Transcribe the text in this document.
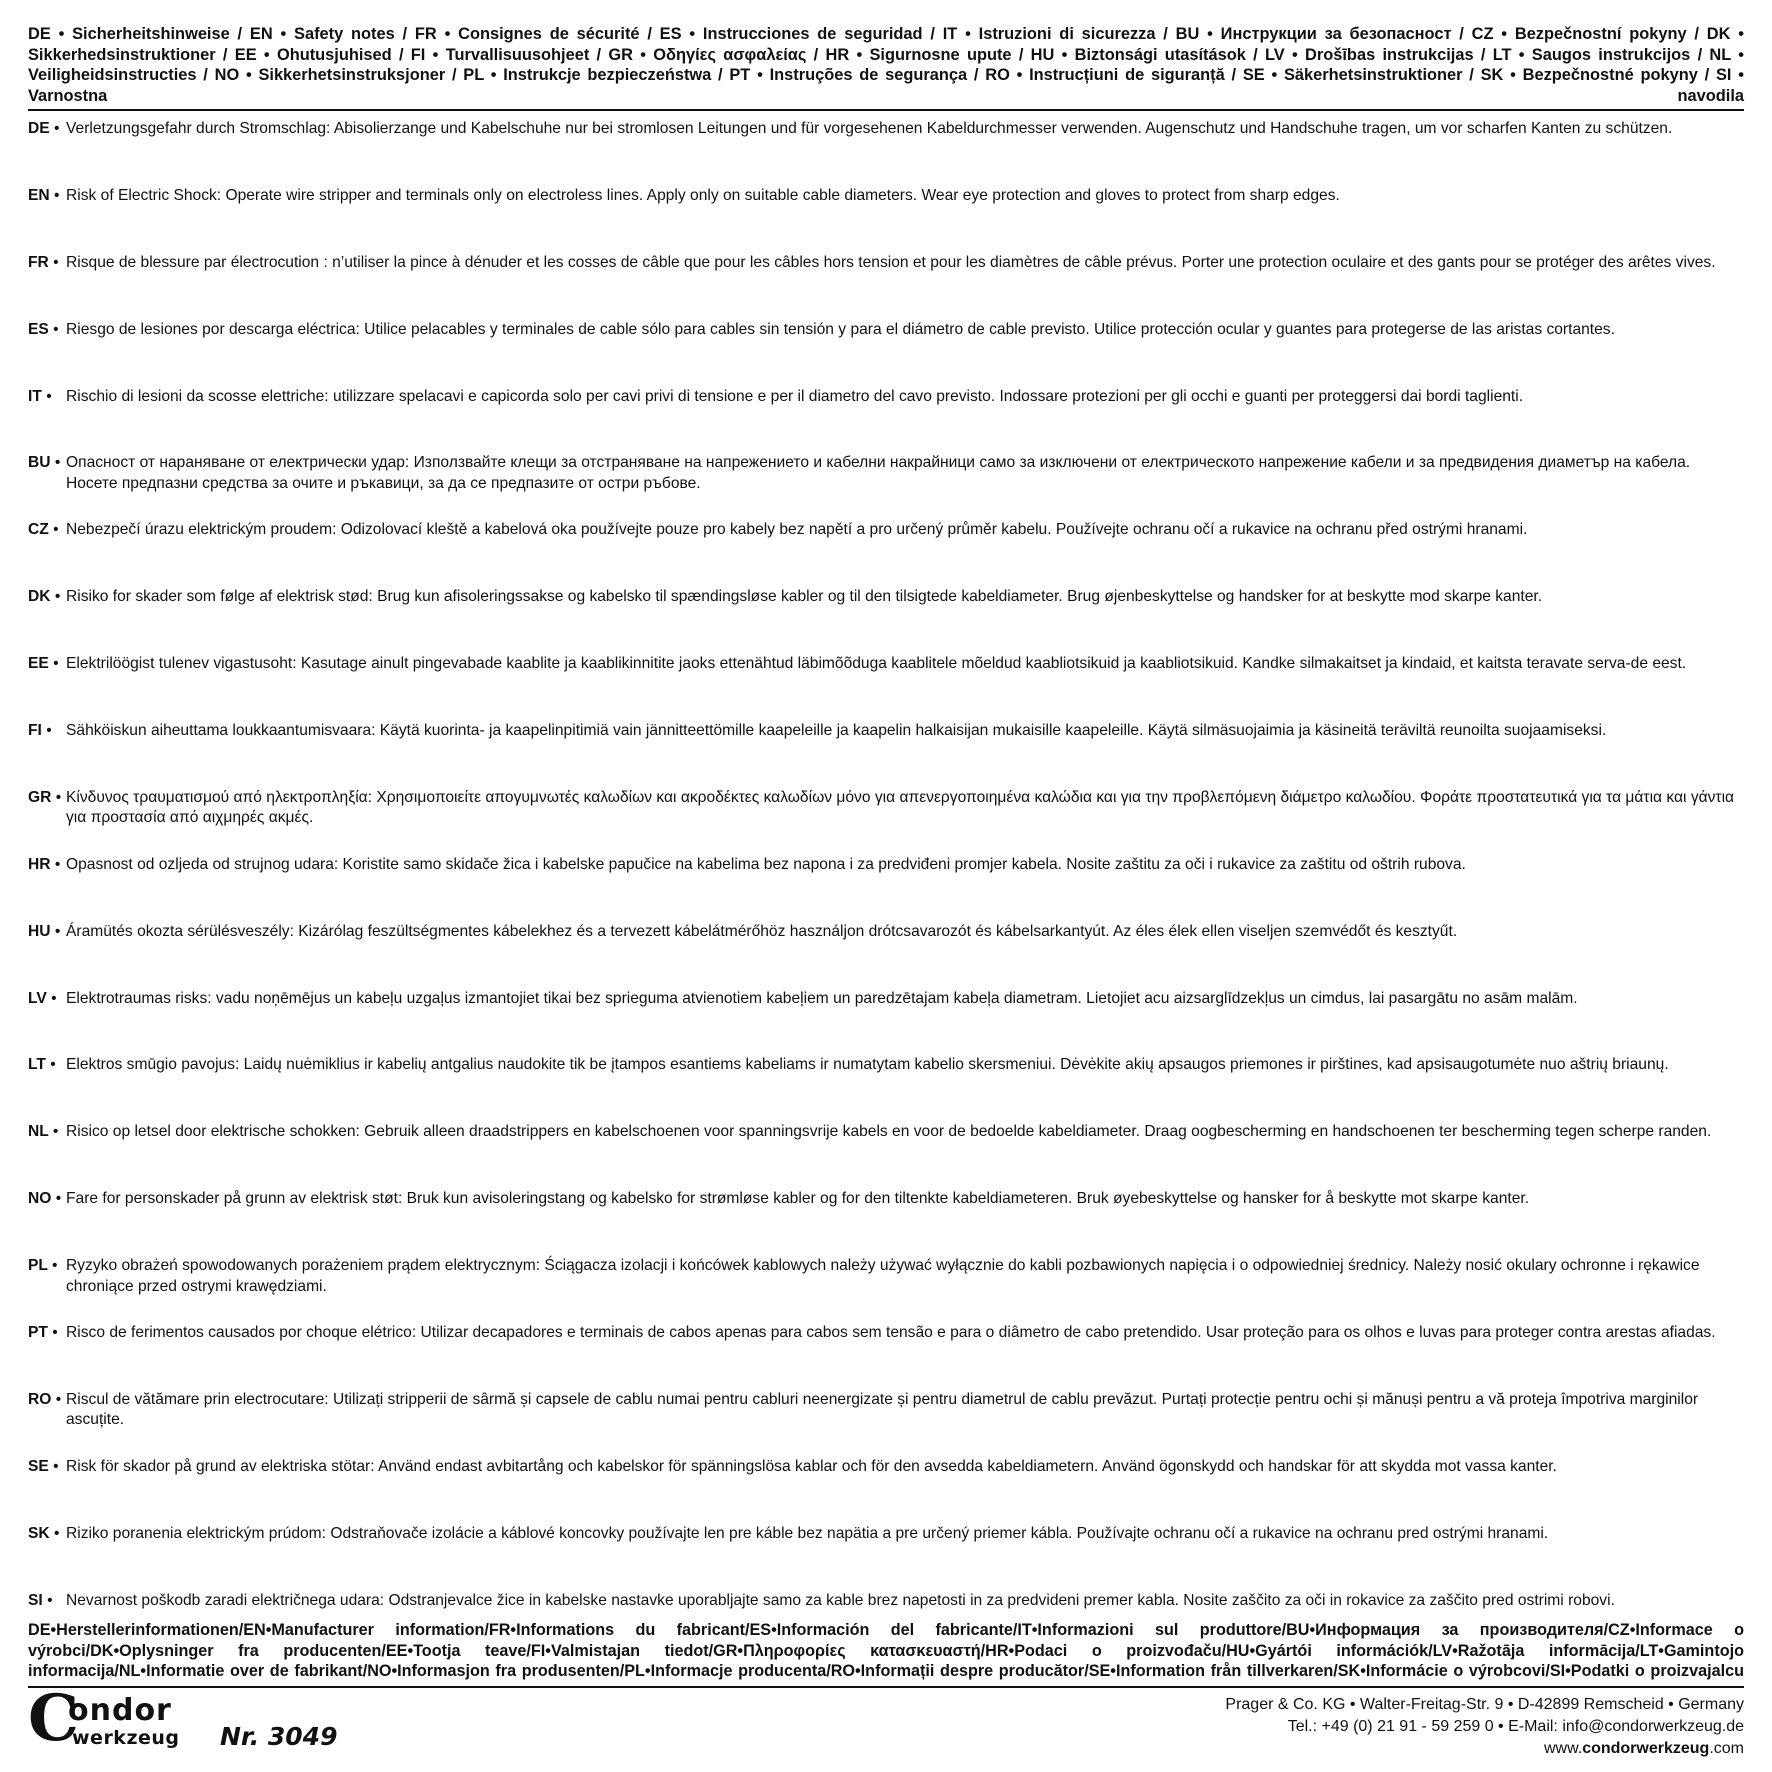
DE • Sicherheitshinweise / EN • Safety notes / FR • Consignes de sécurité / ES • Instrucciones de seguridad / IT • Istruzioni di sicurezza / BU • Инструкции за безопасност / CZ • Bezpečnostní pokyny / DK • Sikkerhedsinstruktioner / EE • Ohutusjuhised / FI • Turvallisuusohjeet / GR • Οδηγίες ασφαλείας / HR • Sigurnosne upute / HU • Biztonsági utasítások / LV • Drošības instrukcijas / LT • Saugos instrukcijos / NL • Veiligheidsinstructies / NO • Sikkerhetsinstruksjoner / PL • Instrukcje bezpieczeństwa / PT • Instruções de segurança / RO • Instrucțiuni de siguranță / SE • Säkerhetsinstruktioner / SK • Bezpečnostné pokyny / SI • Varnostna navodila
DE • Verletzungsgefahr durch Stromschlag: Abisolierzange und Kabelschuhe nur bei stromlosen Leitungen und für vorgesehenen Kabeldurchmesser verwenden. Augenschutz und Handschuhe tragen, um vor scharfen Kanten zu schützen.
EN • Risk of Electric Shock: Operate wire stripper and terminals only on electroless lines. Apply only on suitable cable diameters. Wear eye protection and gloves to protect from sharp edges.
FR • Risque de blessure par électrocution : n’utiliser la pince à dénuder et les cosses de câble que pour les câbles hors tension et pour les diamètres de câble prévus. Porter une protection oculaire et des gants pour se protéger des arêtes vives.
ES • Riesgo de lesiones por descarga eléctrica: Utilice pelacables y terminales de cable sólo para cables sin tensión y para el diámetro de cable previsto. Utilice protección ocular y guantes para protegerse de las aristas cortantes.
IT • Rischio di lesioni da scosse elettriche: utilizzare spelacavi e capicorda solo per cavi privi di tensione e per il diametro del cavo previsto. Indossare protezioni per gli occhi e guanti per proteggersi dai bordi taglienti.
BU • Опасност от нараняване от електрически удар: Използвайте клещи за отстраняване на напрежението и кабелни накрайници само за изключени от електрическото напрежение кабели и за предвидения диаметър на кабела. Носете предпазни средства за очите и ръкавици, за да се предпазите от остри ръбове.
CZ • Nebezpečí úrazu elektrickým proudem: Odizolovací kleště a kabelová oka používejte pouze pro kabely bez napětí a pro určený průměr kabelu. Používejte ochranu očí a rukavice na ochranu před ostrými hranami.
DK • Risiko for skader som følge af elektrisk stød: Brug kun afisoleringssakse og kabelsko til spændingsløse kabler og til den tilsigtede kabeldiameter. Brug øjenbeskyttelse og handsker for at beskytte mod skarpe kanter.
EE • Elektrilöögist tulenev vigastusoht: Kasutage ainult pingevabade kaablite ja kaablikinnitite jaoks ettenähtud läbimõõduga kaablitele mõeldud kaabliotsikuid ja kaabliotsikuid. Kandke silmakaitset ja kindaid, et kaitsta teravate serva-de eest.
FI • Sähköiskun aiheuttama loukkaantumisvaara: Käytä kuorinta- ja kaapelinpitimiä vain jännitteettömille kaapeleille ja kaapelin halkaisijan mukaisille kaapeleille. Käytä silmäsuojaimia ja käsineitä teräviltä reunoilta suojaamiseksi.
GR • Κίνδυνος τραυματισμού από ηλεκτροπληξία: Χρησιμοποιείτε απογυμνωτές καλωδίων και ακροδέκτες καλωδίων μόνο για απενεργοποιημένα καλώδια και για την προβλεπόμενη διάμετρο καλωδίου. Φοράτε προστατευτικά για τα μάτια και γάντια για προστασία από αιχμηρές ακμές.
HR • Opasnost od ozljeda od strujnog udara: Koristite samo skidače žica i kabelske papučice na kabelima bez napona i za predviđeni promjer kabela. Nosite zaštitu za oči i rukavice za zaštitu od oštrih rubova.
HU • Áramütés okozta sérülésveszély: Kizárólag feszültségmentes kábelekhez és a tervezett kábelátmérőhöz használjon drótcsavarozót és kábelsarkantyút. Az éles élek ellen viseljen szemvédőt és kesztyűt.
LV • Elektrotraumas risks: vadu noņēmējus un kabeļu uzgaļus izmantojiet tikai bez sprieguma atvienotiem kabeļiem un paredzētajam kabeļa diametram. Lietojiet acu aizsarglīdzekļus un cimdus, lai pasargātu no asām malām.
LT • Elektros smūgio pavojus: Laidų nuėmiklius ir kabelių antgalius naudokite tik be įtampos esantiems kabeliams ir numatytam kabelio skersmeniui. Dėvėkite akių apsaugos priemones ir pirštines, kad apsisaugotumėte nuo aštrių briaunų.
NL • Risico op letsel door elektrische schokken: Gebruik alleen draadstrippers en kabelschoenen voor spanningsvrije kabels en voor de bedoelde kabeldiameter. Draag oogbescherming en handschoenen ter bescherming tegen scherpe randen.
NO • Fare for personskader på grunn av elektrisk støt: Bruk kun avisoleringstang og kabelsko for strømløse kabler og for den tiltenkte kabeldiameteren. Bruk øyebeskyttelse og hansker for å beskytte mot skarpe kanter.
PL • Ryzyko obrażeń spowodowanych porażeniem prądem elektrycznym: Ściągacza izolacji i końcówek kablowych należy używać wyłącznie do kabli pozbawionych napięcia i o odpowiedniej średnicy. Należy nosić okulary ochronne i rękawice chroniące przed ostrymi krawędziami.
PT • Risco de ferimentos causados por choque elétrico: Utilizar decapadores e terminais de cabos apenas para cabos sem tensão e para o diâmetro de cabo pretendido. Usar proteção para os olhos e luvas para proteger contra arestas afiadas.
RO • Riscul de vătămare prin electrocutare: Utilizați stripperii de sârmă și capsele de cablu numai pentru cabluri neenergizate și pentru diametrul de cablu prevăzut. Purtați protecție pentru ochi și mănuși pentru a vă proteja împotriva marginilor ascuțite.
SE • Risk för skador på grund av elektriska stötar: Använd endast avbitartång och kabelskor för spänningslösa kablar och för den avsedda kabeldiametern. Använd ögonskydd och handskar för att skydda mot vassa kanter.
SK • Riziko poranenia elektrickým prúdom: Odstraňovače izolácie a káblové koncovky používajte len pre káble bez napätia a pre určený priemer kábla. Používajte ochranu očí a rukavice na ochranu pred ostrými hranami.
SI • Nevarnost poškodb zaradi električnega udara: Odstranjevalce žice in kabelske nastavke uporabljajte samo za kable brez napetosti in za predvideni premer kabla. Nosite zaščito za oči in rokavice za zaščito pred ostrimi robovi.
DE•Herstellerinformationen/EN•Manufacturer information/FR•Informations du fabricant/ES•Información del fabricante/IT•Informazioni sul produttore/BU•Информация за производителя/CZ•Informace o výrobci/DK•Oplysninger fra producenten/EE•Tootja teave/FI•Valmistajan tiedot/GR•Πληροφορίες κατασκευαστή/HR•Podaci o proizvođaču/HU•Gyártói információk/LV•Ražotāja informācija/LT•Gamintojo informacija/NL•Informatie over de fabrikant/NO•Informasjon fra produsenten/PL•Informacje producenta/RO•Informații despre producător/SE•Information från tillverkaren/SK•Informácie o výrobcovi/SI•Podatki o proizvajalcu
C
ondor
werkzeug Nr. 3049
Prager & Co. KG • Walter-Freitag-Str. 9 • D-42899 Remscheid • Germany
Tel.: +49 (0) 21 91 - 59 259 0 • E-Mail: info@condorwerkzeug.de
www.condorwerkzeug.com
